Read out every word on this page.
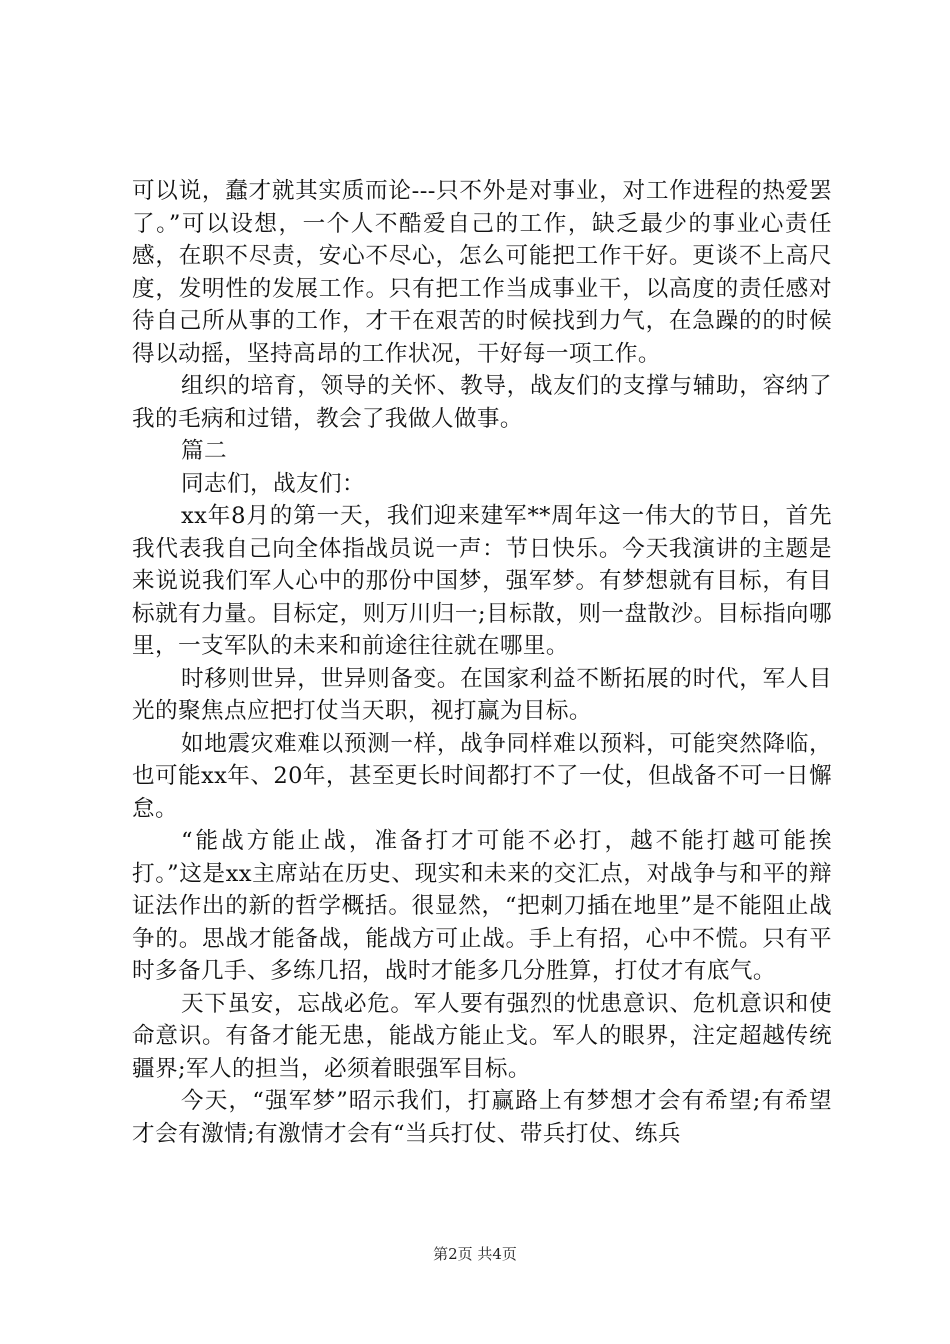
可以说，蠢才就其实质而论---只不外是对事业，对工作进程的热爱罢了。”可以设想，一个人不酷爱自己的工作，缺乏最少的事业心责任感，在职不尽责，安心不尽心，怎么可能把工作干好。更谈不上高尺度，发明性的发展工作。只有把工作当成事业干，以高度的责任感对待自己所从事的工作，才干在艰苦的时候找到力气，在急躁的的时候得以动摇，坚持高昂的工作状况，干好每一项工作。

组织的培育，领导的关怀、教导，战友们的支撑与辅助，容纳了我的毛病和过错，教会了我做人做事。

篇二

同志们，战友们：

xx年8月的第一天，我们迎来建军**周年这一伟大的节日，首先我代表我自己向全体指战员说一声：节日快乐。今天我演讲的主题是来说说我们军人心中的那份中国梦，强军梦。有梦想就有目标，有目标就有力量。目标定，则万川归一;目标散，则一盘散沙。目标指向哪里，一支军队的未来和前途往往就在哪里。

时移则世异，世异则备变。在国家利益不断拓展的时代，军人目光的聚焦点应把打仗当天职，视打赢为目标。

如地震灾难难以预测一样，战争同样难以预料，可能突然降临，也可能xx年、20年，甚至更长时间都打不了一仗，但战备不可一日懈怠。

“能战方能止战，准备打才可能不必打，越不能打越可能挨打。”这是xx主席站在历史、现实和未来的交汇点，对战争与和平的辩证法作出的新的哲学概括。很显然，“把刺刀插在地里”是不能阻止战争的。思战才能备战，能战方可止战。手上有招，心中不慌。只有平时多备几手、多练几招，战时才能多几分胜算，打仗才有底气。

天下虽安，忘战必危。军人要有强烈的忧患意识、危机意识和使命意识。有备才能无患，能战方能止戈。军人的眼界，注定超越传统疆界;军人的担当，必须着眼强军目标。

今天，“强军梦”昭示我们，打赢路上有梦想才会有希望;有希望才会有激情;有激情才会有“当兵打仗、带兵打仗、练兵

第2页 共4页
